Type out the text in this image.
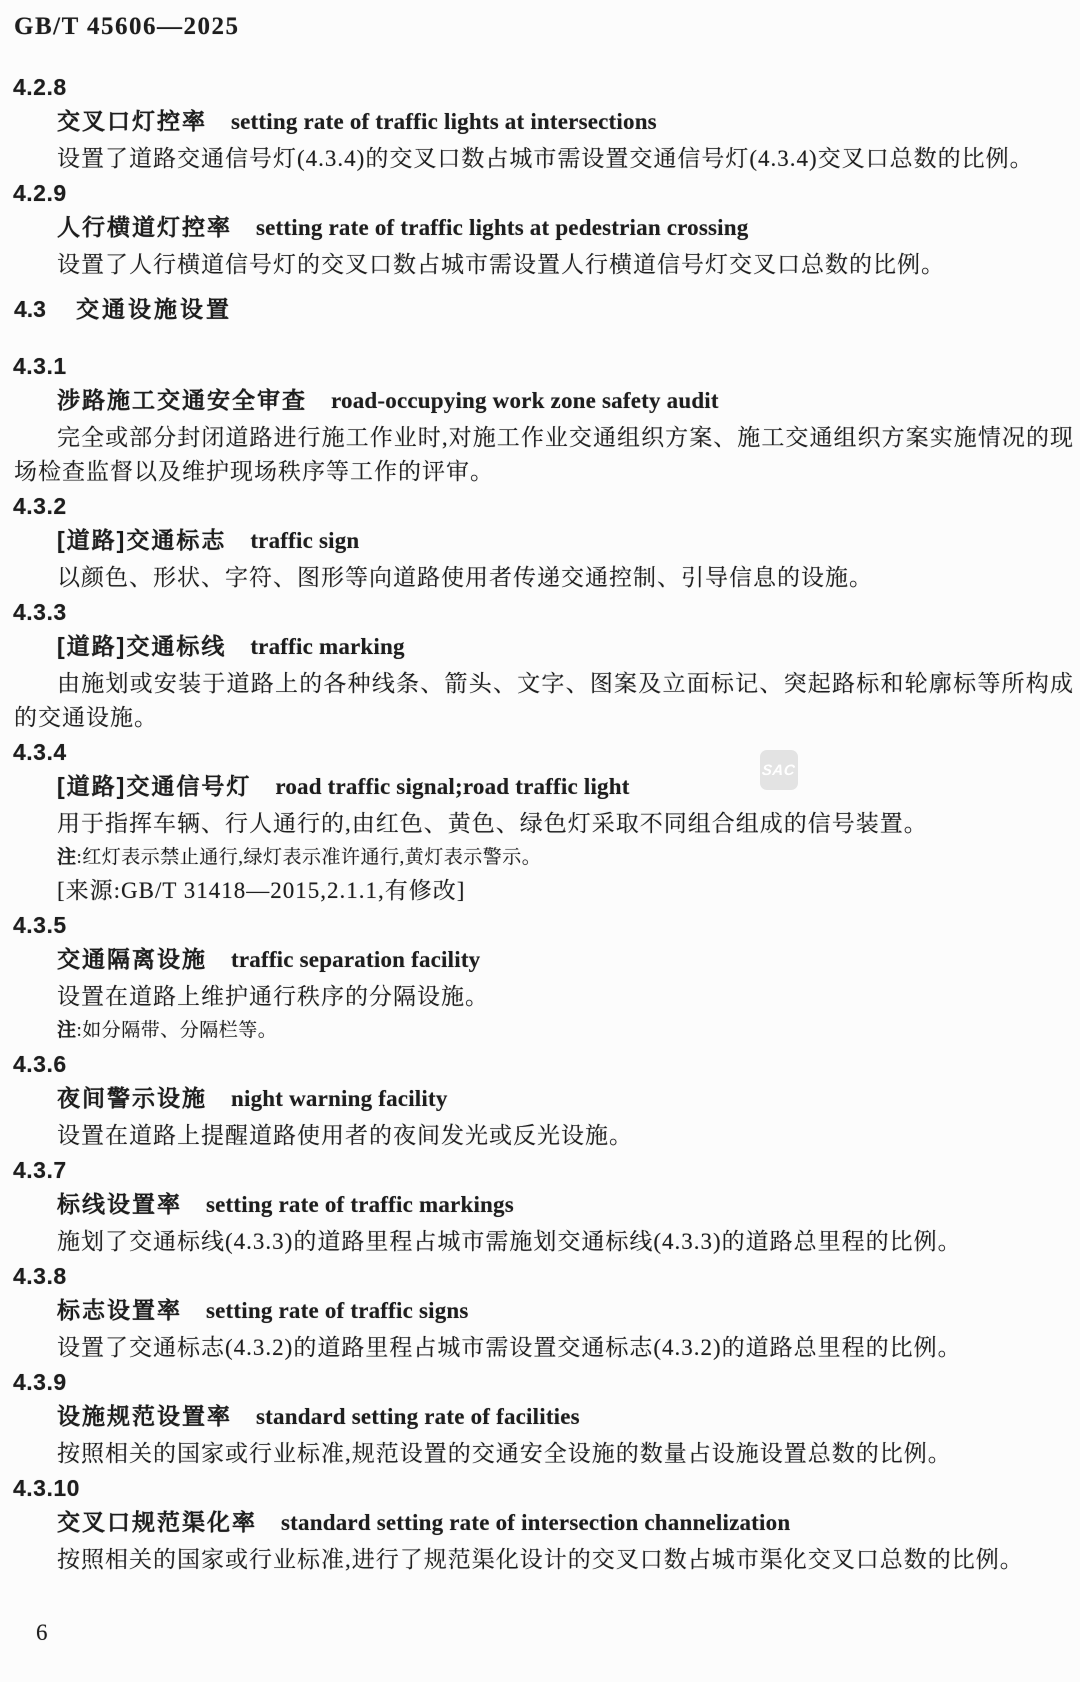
GB/T 45606—2025
4.2.8
交叉口灯控率 setting rate of traffic lights at intersections

设置了道路交通信号灯(4.3.4)的交叉口数占城市需设置交通信号灯(4.3.4)交叉口总数的比例。

4.2.9
人行横道灯控率 setting rate of traffic lights at pedestrian crossing

设置了人行横道信号灯的交叉口数占城市需设置人行横道信号灯交叉口总数的比例。

4.3 交通设施设置
4.3.1
涉路施工交通安全审查 road-occupying work zone safety audit

完全或部分封闭道路进行施工作业时,对施工作业交通组织方案、施工交通组织方案实施情况的现场检查监督以及维护现场秩序等工作的评审。

4.3.2
[道路]交通标志 traffic sign

以颜色、形状、字符、图形等向道路使用者传递交通控制、引导信息的设施。

4.3.3
[道路]交通标线 traffic marking

由施划或安装于道路上的各种线条、箭头、文字、图案及立面标记、突起路标和轮廓标等所构成的交通设施。

4.3.4
[道路]交通信号灯 road traffic signal;road traffic light

用于指挥车辆、行人通行的,由红色、黄色、绿色灯采取不同组合组成的信号装置。

注:红灯表示禁止通行,绿灯表示准许通行,黄灯表示警示。
[来源:GB/T 31418—2015,2.1.1,有修改]
4.3.5
交通隔离设施 traffic separation facility

设置在道路上维护通行秩序的分隔设施。

注:如分隔带、分隔栏等。
4.3.6
夜间警示设施 night warning facility

设置在道路上提醒道路使用者的夜间发光或反光设施。

4.3.7
标线设置率 setting rate of traffic markings

施划了交通标线(4.3.3)的道路里程占城市需施划交通标线(4.3.3)的道路总里程的比例。

4.3.8
标志设置率 setting rate of traffic signs

设置了交通标志(4.3.2)的道路里程占城市需设置交通标志(4.3.2)的道路总里程的比例。

4.3.9
设施规范设置率 standard setting rate of facilities

按照相关的国家或行业标准,规范设置的交通安全设施的数量占设施设置总数的比例。

4.3.10
交叉口规范渠化率 standard setting rate of intersection channelization

按照相关的国家或行业标准,进行了规范渠化设计的交叉口数占城市渠化交叉口总数的比例。

SAC
6
